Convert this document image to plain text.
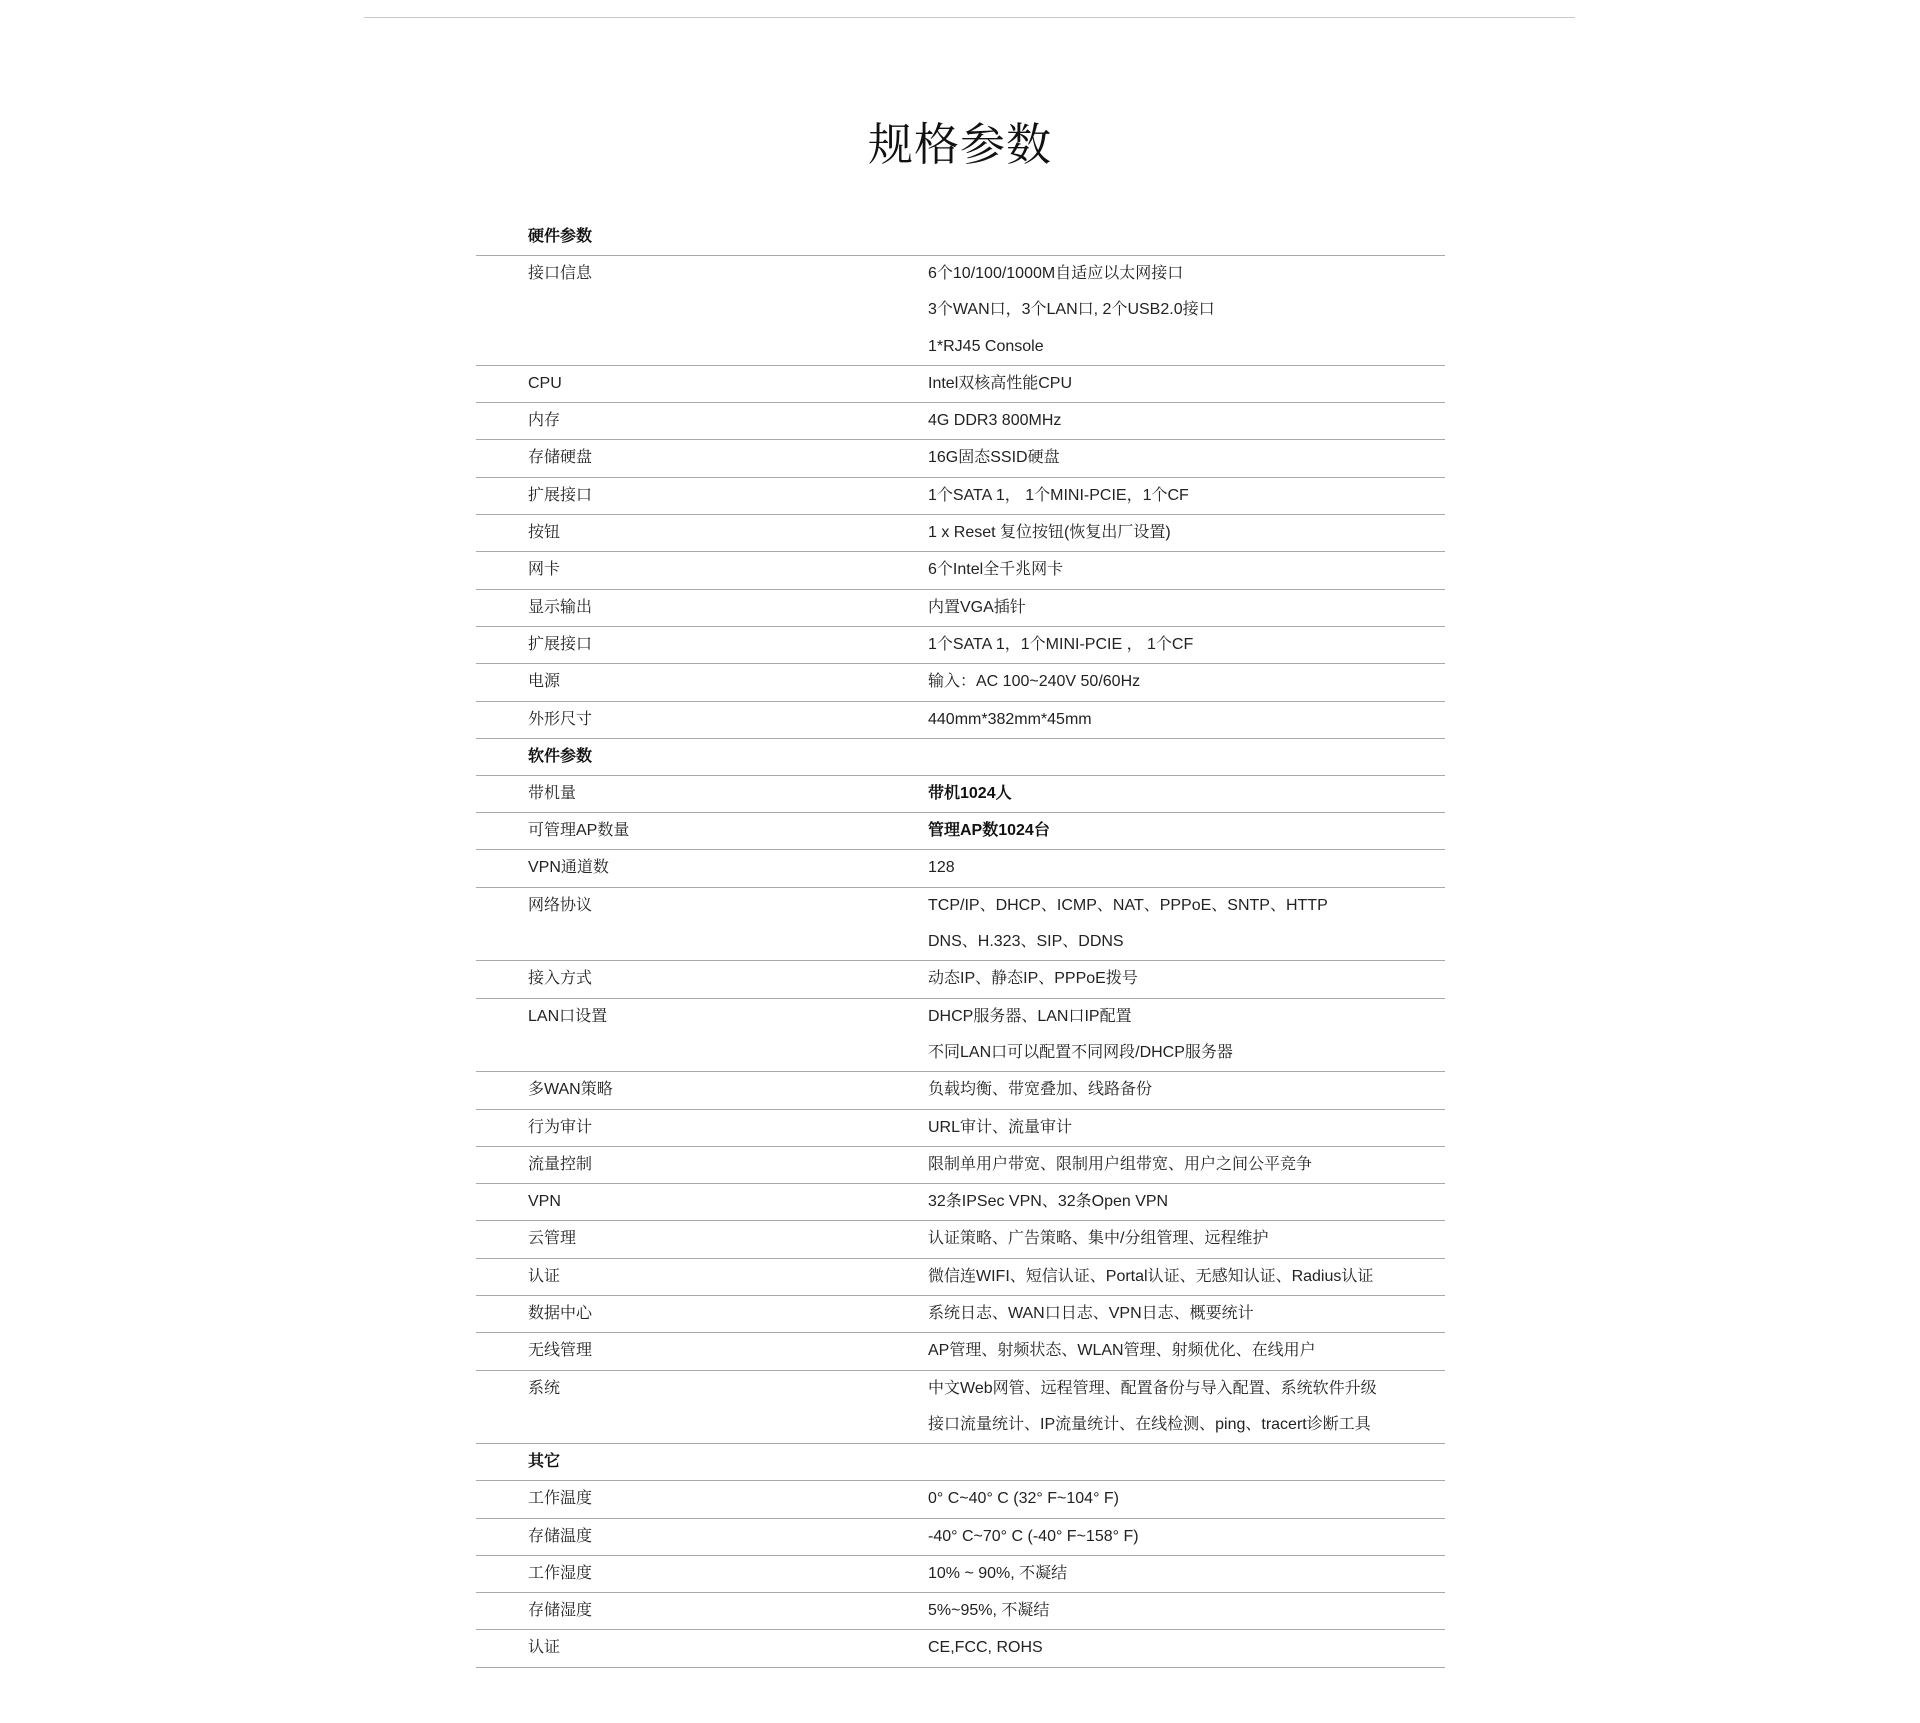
规格参数
硬件参数
接口信息	6个10/100/1000M自适应以太网接口
3个WAN口，3个LAN口, 2个USB2.0接口
1*RJ45 Console
CPU	Intel双核高性能CPU
内存	4G DDR3 800MHz
存储硬盘	16G固态SSID硬盘
扩展接口	1个SATA 1， 1个MINI-PCIE，1个CF
按钮	1 x Reset 复位按钮(恢复出厂设置)
网卡	6个Intel全千兆网卡
显示输出	内置VGA插针
扩展接口	1个SATA 1，1个MINI-PCIE ， 1个CF
电源	输入：AC 100~240V 50/60Hz
外形尺寸	440mm*382mm*45mm
软件参数
带机量	带机1024人
可管理AP数量	管理AP数1024台
VPN通道数	128
网络协议	TCP/IP、DHCP、ICMP、NAT、PPPoE、SNTP、HTTP
DNS、H.323、SIP、DDNS
接入方式	动态IP、静态IP、PPPoE拨号
LAN口设置	DHCP服务器、LAN口IP配置
不同LAN口可以配置不同网段/DHCP服务器
多WAN策略	负载均衡、带宽叠加、线路备份
行为审计	URL审计、流量审计
流量控制	限制单用户带宽、限制用户组带宽、用户之间公平竞争
VPN	32条IPSec VPN、32条Open VPN
云管理	认证策略、广告策略、集中/分组管理、远程维护
认证	微信连WIFI、短信认证、Portal认证、无感知认证、Radius认证
数据中心	系统日志、WAN口日志、VPN日志、概要统计
无线管理	AP管理、射频状态、WLAN管理、射频优化、在线用户
系统	中文Web网管、远程管理、配置备份与导入配置、系统软件升级
接口流量统计、IP流量统计、在线检测、ping、tracert诊断工具
其它
工作温度	0° C~40° C (32° F~104° F)
存储温度	-40° C~70° C (-40° F~158° F)
工作湿度	10% ~ 90%, 不凝结
存储湿度	5%~95%, 不凝结
认证	CE,FCC, ROHS
